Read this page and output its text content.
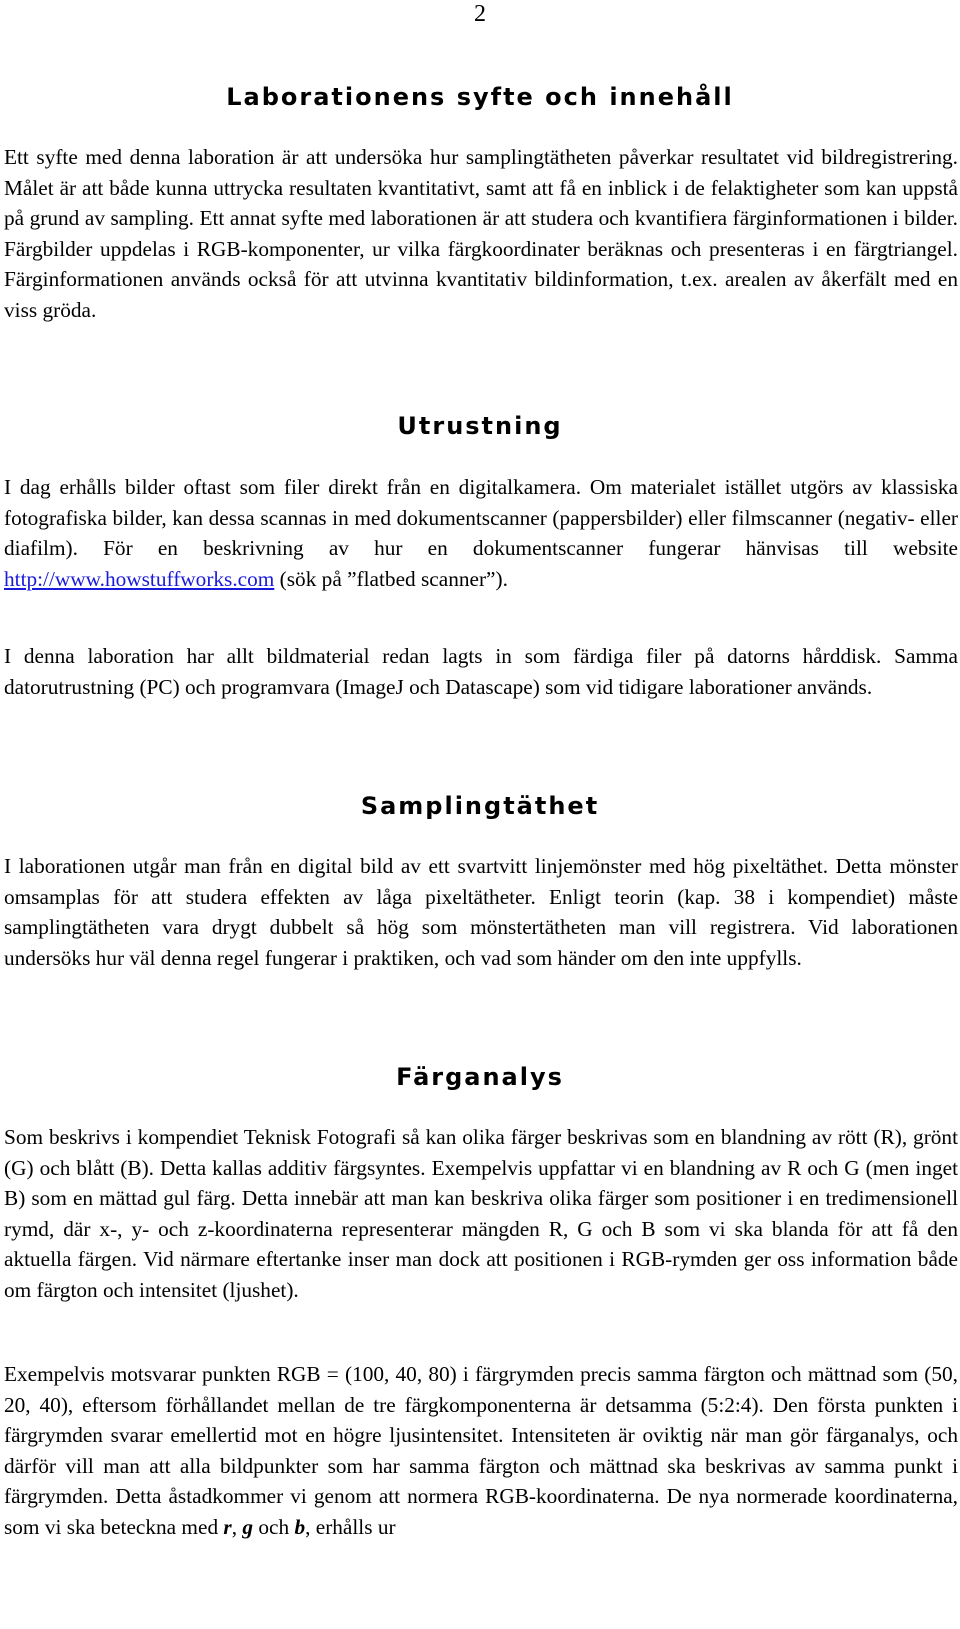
2
Laborationens syfte och innehåll

Ett syfte med denna laboration är att undersöka hur samplingtätheten påverkar resultatet vid bildregistrering. Målet är att både kunna uttrycka resultaten kvantitativt, samt att få en inblick i de felaktigheter som kan uppstå på grund av sampling. Ett annat syfte med laborationen är att studera och kvantifiera färginformationen i bilder. Färgbilder uppdelas i RGB-komponenter, ur vilka färgkoordinater beräknas och presenteras i en färgtriangel. Färginformationen används också för att utvinna kvantitativ bildinformation, t.ex. arealen av åkerfält med en viss gröda.

Utrustning

I dag erhålls bilder oftast som filer direkt från en digitalkamera. Om materialet istället utgörs av klassiska fotografiska bilder, kan dessa scannas in med dokumentscanner (pappersbilder) eller filmscanner (negativ- eller diafilm). För en beskrivning av hur en dokumentscanner fungerar hänvisas till website http://www.howstuffworks.com (sök på ”flatbed scanner”).

I denna laboration har allt bildmaterial redan lagts in som färdiga filer på datorns hårddisk. Samma datorutrustning (PC) och programvara (ImageJ och Datascape) som vid tidigare laborationer används.

Samplingtäthet

I laborationen utgår man från en digital bild av ett svartvitt linjemönster med hög pixeltäthet. Detta mönster omsamplas för att studera effekten av låga pixeltätheter. Enligt teorin (kap. 38 i kompendiet) måste samplingtätheten vara drygt dubbelt så hög som mönstertätheten man vill registrera. Vid laborationen undersöks hur väl denna regel fungerar i praktiken, och vad som händer om den inte uppfylls.

Färganalys

Som beskrivs i kompendiet Teknisk Fotografi så kan olika färger beskrivas som en blandning av rött (R), grönt (G) och blått (B). Detta kallas additiv färgsyntes. Exempelvis uppfattar vi en blandning av R och G (men inget B) som en mättad gul färg. Detta innebär att man kan beskriva olika färger som positioner i en tredimensionell rymd, där x-, y- och z-koordinaterna representerar mängden R, G och B som vi ska blanda för att få den aktuella färgen. Vid närmare eftertanke inser man dock att positionen i RGB-rymden ger oss information både om färgton och intensitet (ljushet).

Exempelvis motsvarar punkten RGB = (100, 40, 80) i färgrymden precis samma färgton och mättnad som (50, 20, 40), eftersom förhållandet mellan de tre färgkomponenterna är detsamma (5:2:4). Den första punkten i färgrymden svarar emellertid mot en högre ljusintensitet. Intensiteten är oviktig när man gör färganalys, och därför vill man att alla bildpunkter som har samma färgton och mättnad ska beskrivas av samma punkt i färgrymden. Detta åstadkommer vi genom att normera RGB-koordinaterna. De nya normerade koordinaterna, som vi ska beteckna med r, g och b, erhålls ur
